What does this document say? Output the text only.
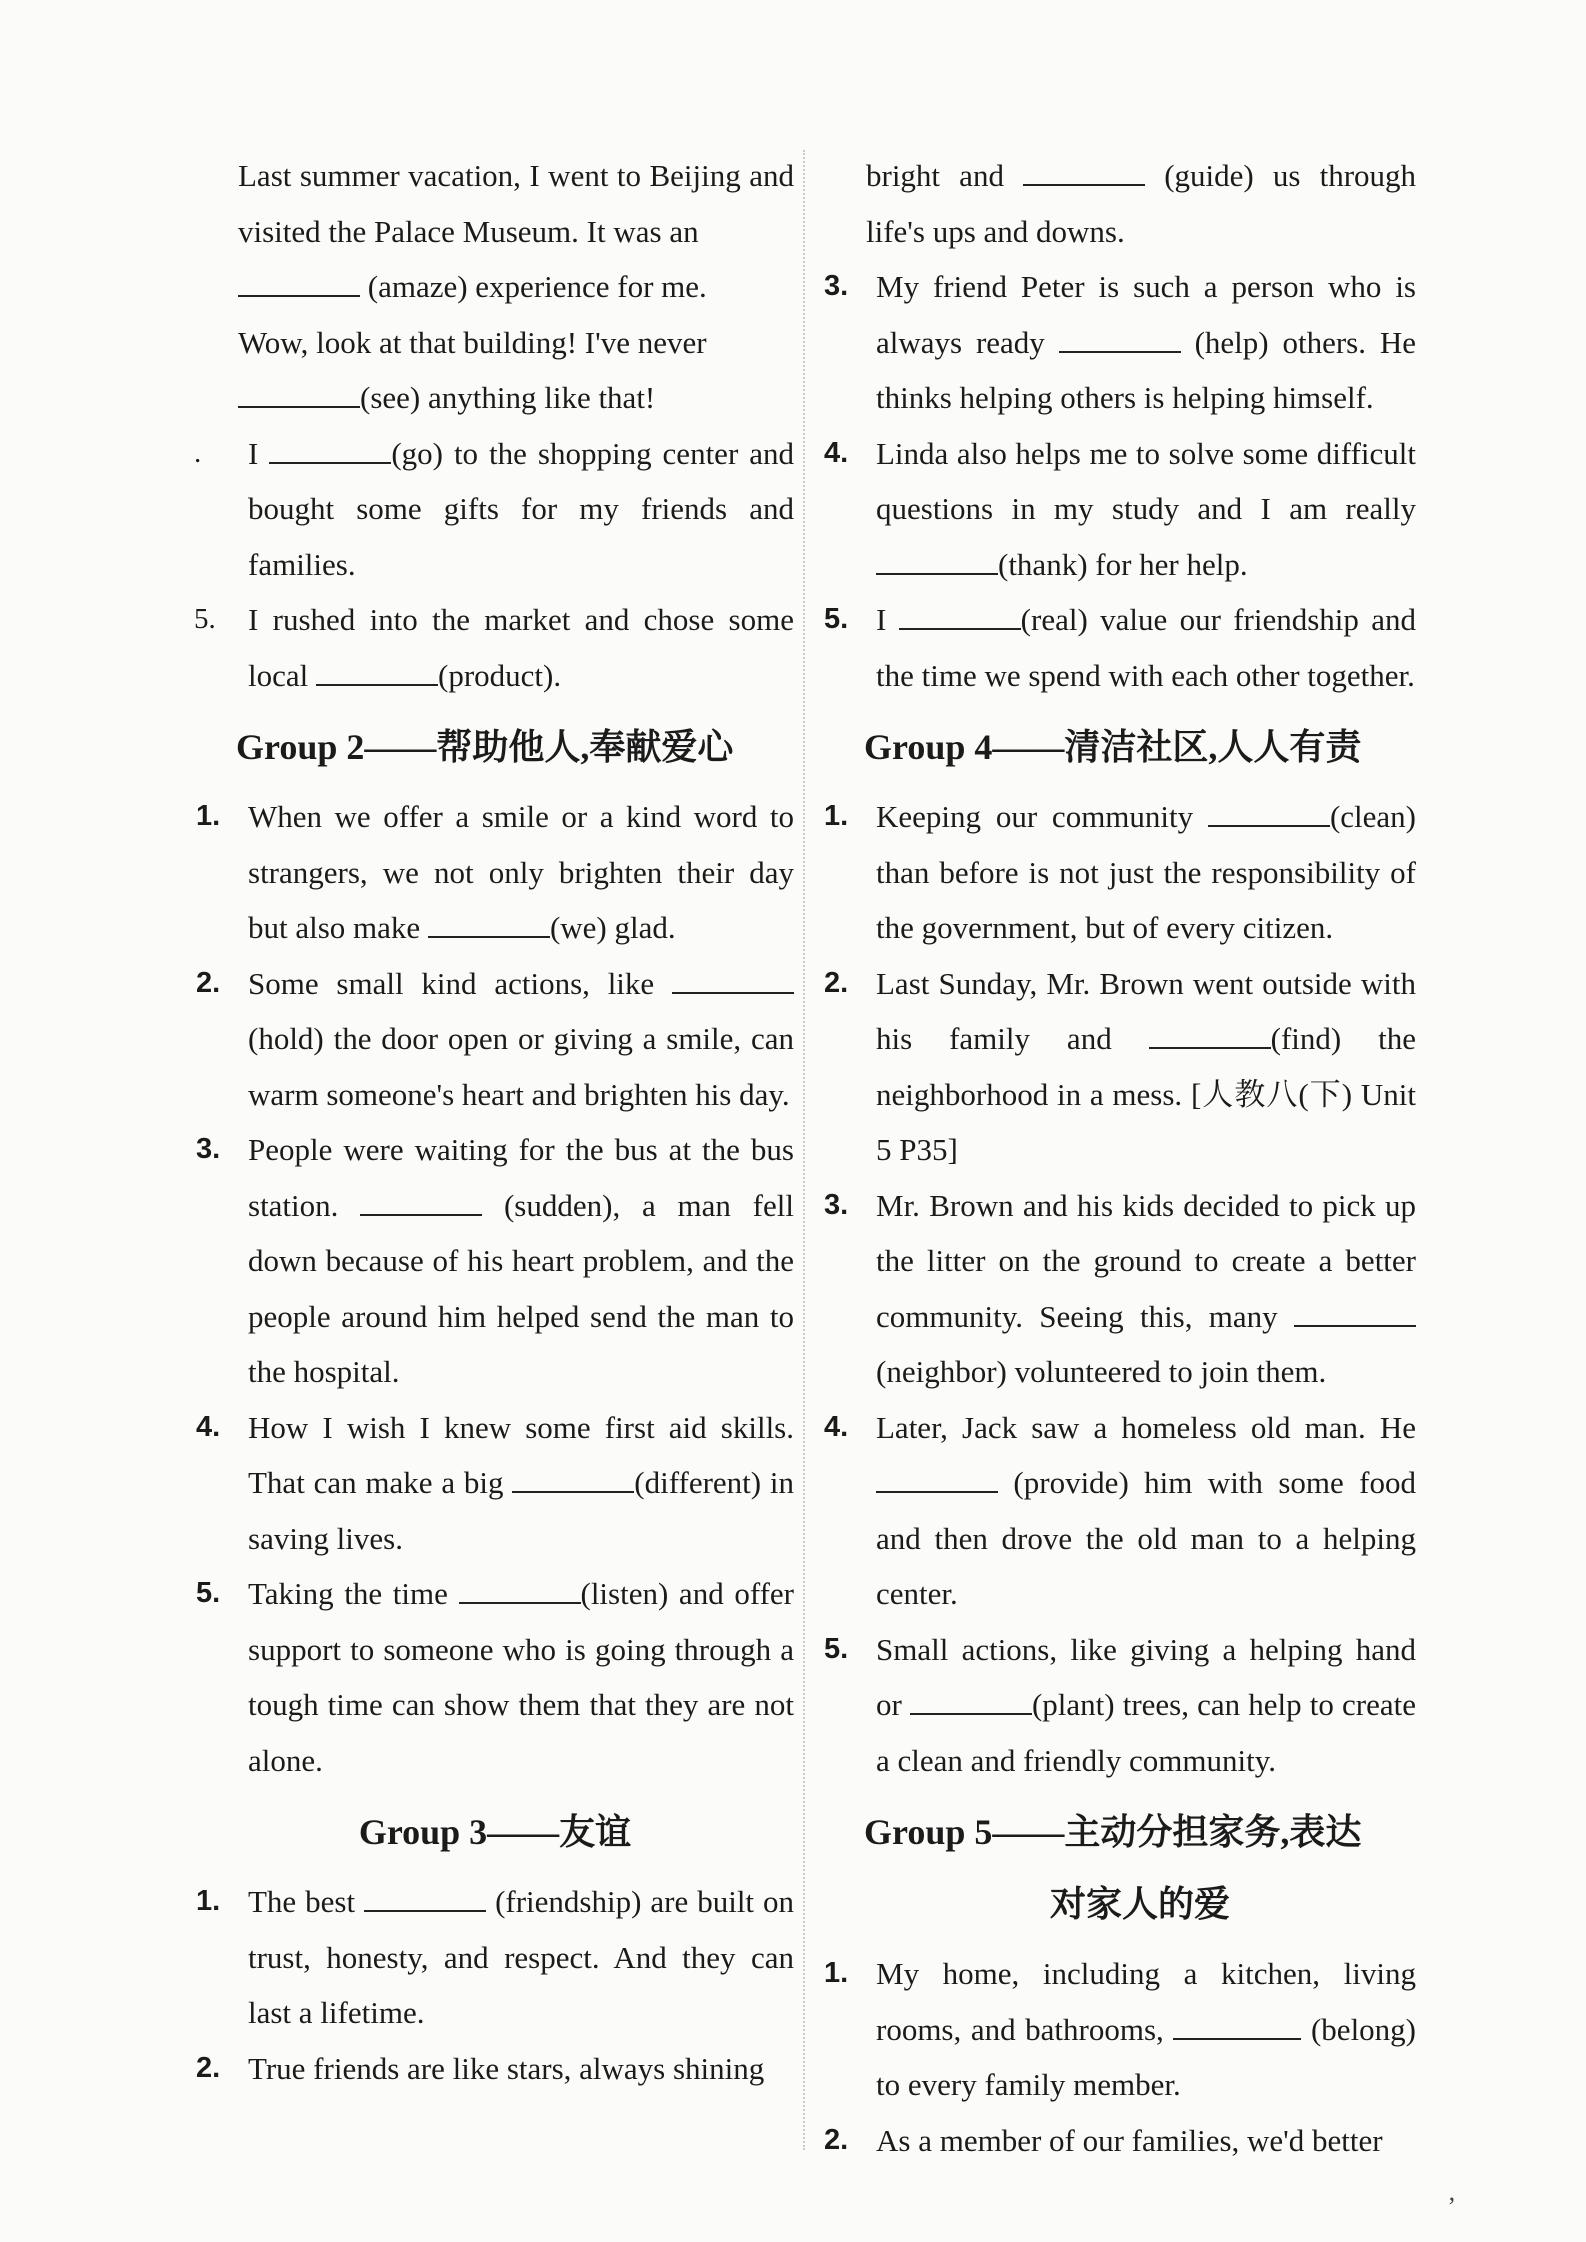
Last summer vacation, I went to Beijing and visited the Palace Museum. It was an
(amaze) experience for me.
Wow, look at that building! I've never
(see) anything like that!
.	I	(go) to the shopping center and bought some gifts for my friends and families.
5.	I rushed into the market and chose some local	(product).
Group 2——帮助他人,奉献爱心
1. When we offer a smile or a kind word to strangers, we not only brighten their day but also make	(we) glad.
2. Some small kind actions, like  (hold) the door open or giving a smile, can warm someone's heart and brighten his day.
3. People were waiting for the bus at the bus station.	(sudden), a man fell down because of his heart problem, and the people around him helped send the man to the hospital.
4. How I wish I knew some first aid skills. That can make a big	(different) in saving lives.
5. Taking the time	(listen) and offer support to someone who is going through a tough time can show them that they are not alone.
Group 3——友谊
1. The best	(friendship) are built on trust, honesty, and respect. And they can last a lifetime.
2. True friends are like stars, always shining
bright and	(guide) us through life's ups and downs.
3. My friend Peter is such a person who is always ready	(help) others. He thinks helping others is helping himself.
4. Linda also helps me to solve some difficult questions in my study and I am really (thank) for her help.
5. I	(real) value our friendship and the time we spend with each other together.
Group 4——清洁社区,人人有责
1. Keeping our community	(clean) than before is not just the responsibility of the government, but of every citizen.
2. Last Sunday, Mr. Brown went outside with his family and	(find) the neighborhood in a mess. [人教八(下) Unit 5 P35]
3. Mr. Brown and his kids decided to pick up the litter on the ground to create a better community. Seeing this, many  (neighbor) volunteered to join them.
4. Later, Jack saw a homeless old man. He  (provide) him with some food and then drove the old man to a helping center.
5. Small actions, like giving a helping hand or	(plant) trees, can help to create a clean and friendly community.
Group 5——主动分担家务,表达
对家人的爱
1. My home, including a kitchen, living rooms, and bathrooms,	(belong) to every family member.
2. As a member of our families, we'd better
ʼ
